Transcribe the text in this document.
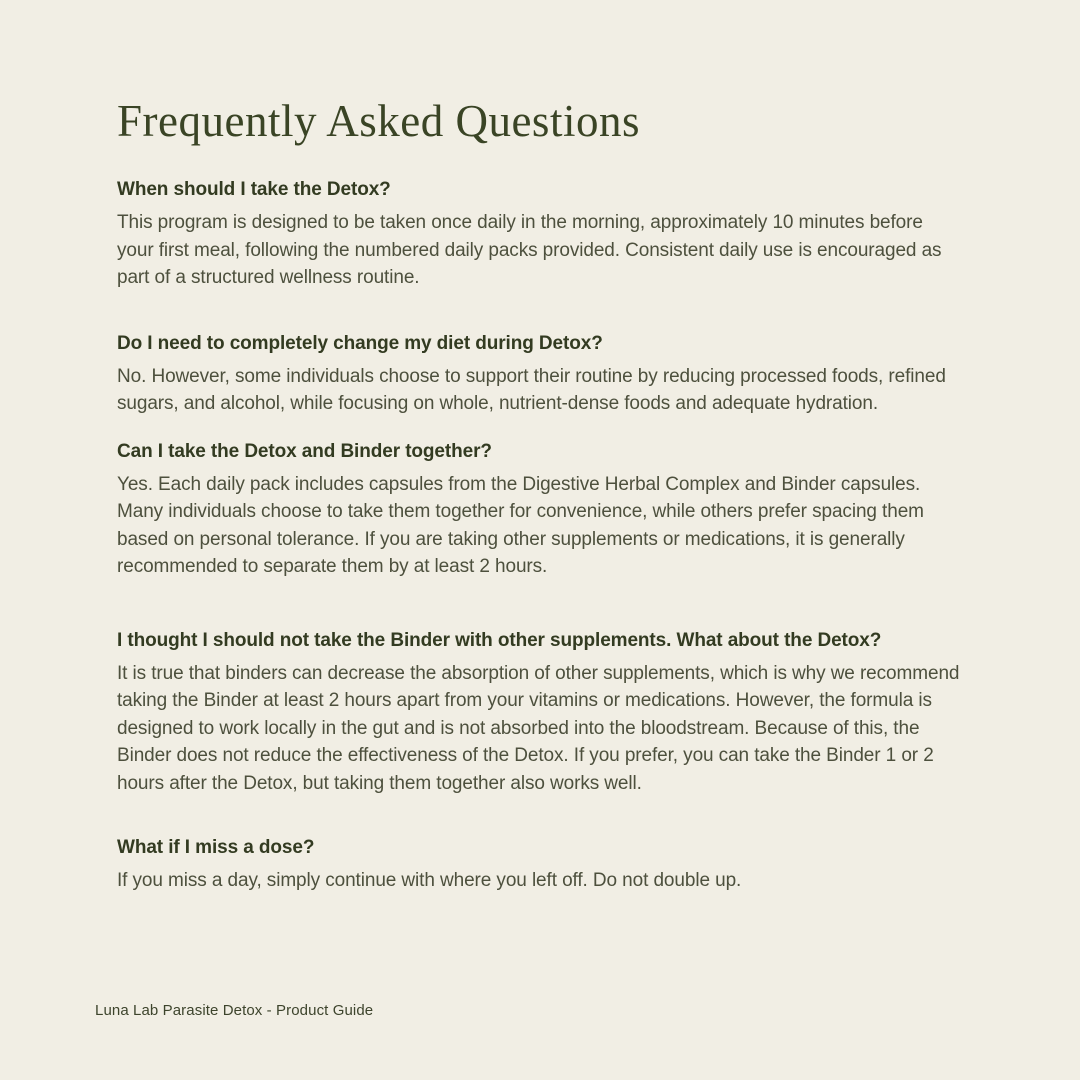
Frequently Asked Questions
When should I take the Detox?

This program is designed to be taken once daily in the morning, approximately 10 minutes before your first meal, following the numbered daily packs provided. Consistent daily use is encouraged as part of a structured wellness routine.

Do I need to completely change my diet during Detox?

No. However, some individuals choose to support their routine by reducing processed foods, refined sugars, and alcohol, while focusing on whole, nutrient-dense foods and adequate hydration.

Can I take the Detox and Binder together?

Yes. Each daily pack includes capsules from the Digestive Herbal Complex and Binder capsules. Many individuals choose to take them together for convenience, while others prefer spacing them based on personal tolerance. If you are taking other supplements or medications, it is generally recommended to separate them by at least 2 hours.

I thought I should not take the Binder with other supplements. What about the Detox?

It is true that binders can decrease the absorption of other supplements, which is why we recommend taking the Binder at least 2 hours apart from your vitamins or medications. However, the formula is designed to work locally in the gut and is not absorbed into the bloodstream. Because of this, the Binder does not reduce the effectiveness of the Detox. If you prefer, you can take the Binder 1 or 2 hours after the Detox, but taking them together also works well.

What if I miss a dose?

If you miss a day, simply continue with where you left off. Do not double up.

Luna Lab Parasite Detox - Product Guide
